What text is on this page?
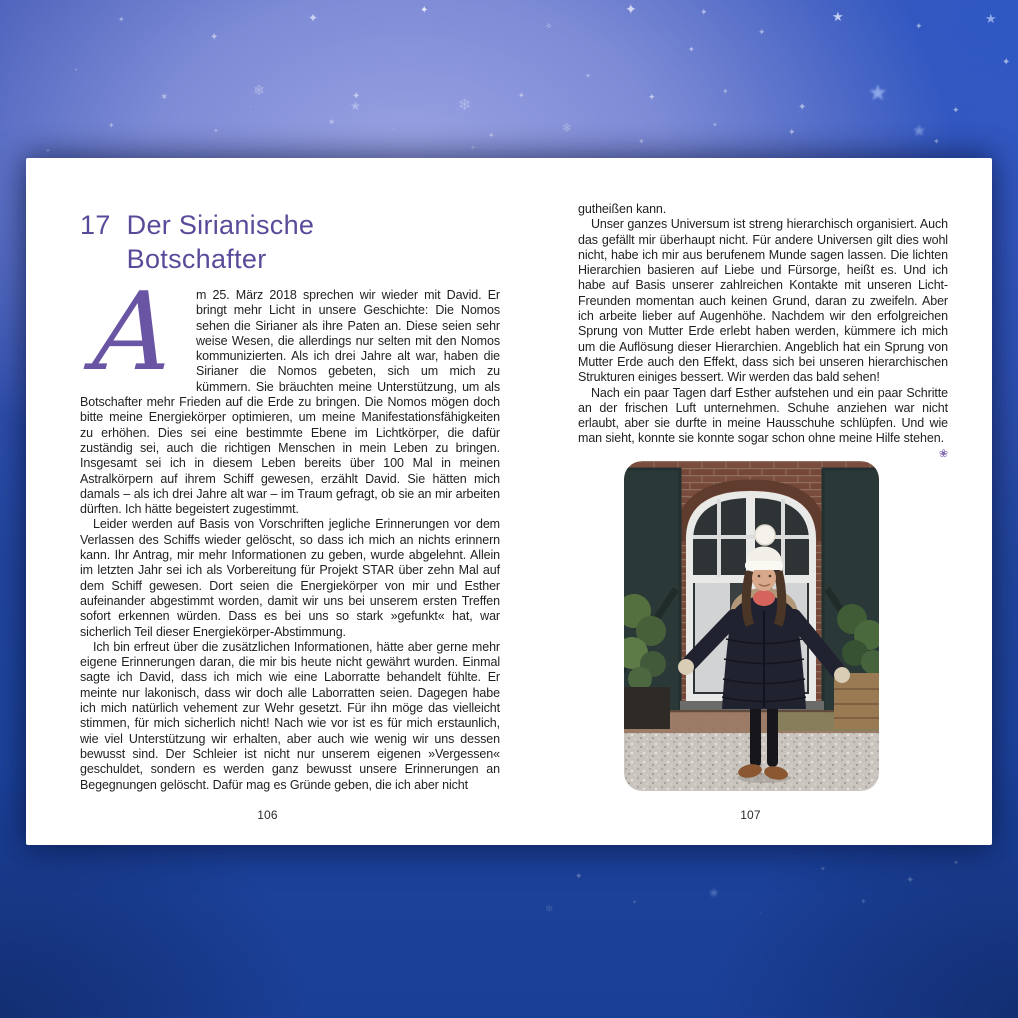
✦
✦	✦
✦
✧
✦
✦
✦
★
✦	★
•
✶	❄	✦
❄
✦
✦
✦
✦
✦
★
✦
✦
✦
✶
•
✦
❄
✦
✦
✦	★
✦
✦
★
✦
•
✦
✦
✦
★
✦
✦
✦
✦	✦
•
❄
17 Der Sirianische
Botschafter

A	m 25. März 2018 sprechen wir wieder mit David. Er bringt mehr Licht in unsere Geschichte: Die Nomos sehen die Sirianer als ihre Paten an. Diese seien sehr weise Wesen, die allerdings nur selten mit den Nomos kommunizierten. Als ich drei Jahre alt war, haben die Sirianer die Nomos gebeten, sich um mich zu kümmern. Sie bräuchten meine Unterstützung, um als Botschafter mehr Frieden auf die Erde zu bringen. Die Nomos mögen doch bitte meine Energiekörper optimieren, um meine Manifestationsfähigkeiten zu erhöhen. Dies sei eine bestimmte Ebene im Lichtkörper, die dafür zuständig sei, auch die richtigen Menschen in mein Leben zu bringen. Insgesamt sei ich in diesem Leben bereits über 100 Mal in meinen Astralkörpern auf ihrem Schiff gewesen, erzählt David. Sie hätten mich damals – als ich drei Jahre alt war – im Traum gefragt, ob sie an mir arbeiten dürften. Ich hätte begeistert zugestimmt.

Leider werden auf Basis von Vorschriften jegliche Erinnerungen vor dem Verlassen des Schiffs wieder gelöscht, so dass ich mich an nichts erinnern kann. Ihr Antrag, mir mehr Informationen zu geben, wurde abgelehnt. Allein im letzten Jahr sei ich als Vorbereitung für Projekt STAR über zehn Mal auf dem Schiff gewesen. Dort seien die Energiekörper von mir und Esther aufeinander abgestimmt worden, damit wir uns bei unserem ersten Treffen sofort erkennen würden. Dass es bei uns so stark »gefunkt« hat, war sicherlich Teil dieser Energiekörper-Abstimmung.

Ich bin erfreut über die zusätzlichen Informationen, hätte aber gerne mehr eigene Erinnerungen daran, die mir bis heute nicht gewährt wurden. Einmal sagte ich David, dass ich mich wie eine Laborratte behandelt fühlte. Er meinte nur lakonisch, dass wir doch alle Laborratten seien. Dagegen habe ich mich natürlich vehement zur Wehr gesetzt. Für ihn möge das vielleicht stimmen, für mich sicherlich nicht! Nach wie vor ist es für mich erstaunlich, wie viel Unterstützung wir erhalten, aber auch wie wenig wir uns dessen bewusst sind. Der Schleier ist nicht nur unserem eigenen »Vergessen« geschuldet, sondern es werden ganz bewusst unsere Erinnerungen an Begegnungen gelöscht. Dafür mag es Gründe geben, die ich aber nicht

gutheißen kann.

Unser ganzes Universum ist streng hierarchisch organisiert. Auch das gefällt mir überhaupt nicht. Für andere Universen gilt dies wohl nicht, habe ich mir aus berufenem Munde sagen lassen. Die lichten Hierarchien basieren auf Liebe und Fürsorge, heißt es. Und ich habe auf Basis unserer zahlreichen Kontakte mit unseren Licht-Freunden momentan auch keinen Grund, daran zu zweifeln. Aber ich arbeite lieber auf Augenhöhe. Nachdem wir den erfolgreichen Sprung von Mutter Erde erlebt haben werden, kümmere ich mich um die Auflösung dieser Hierarchien. Angeblich hat ein Sprung von Mutter Erde auch den Effekt, dass sich bei unseren hierarchischen Strukturen einiges bessert. Wir werden das bald sehen!

Nach ein paar Tagen darf Esther aufstehen und ein paar Schritte an der frischen Luft unternehmen. Schuhe anziehen war nicht erlaubt, aber sie durfte in meine Hausschuhe schlüpfen. Und wie man sieht, konnte sie konnte sogar schon ohne meine Hilfe stehen.
❀

106	107
